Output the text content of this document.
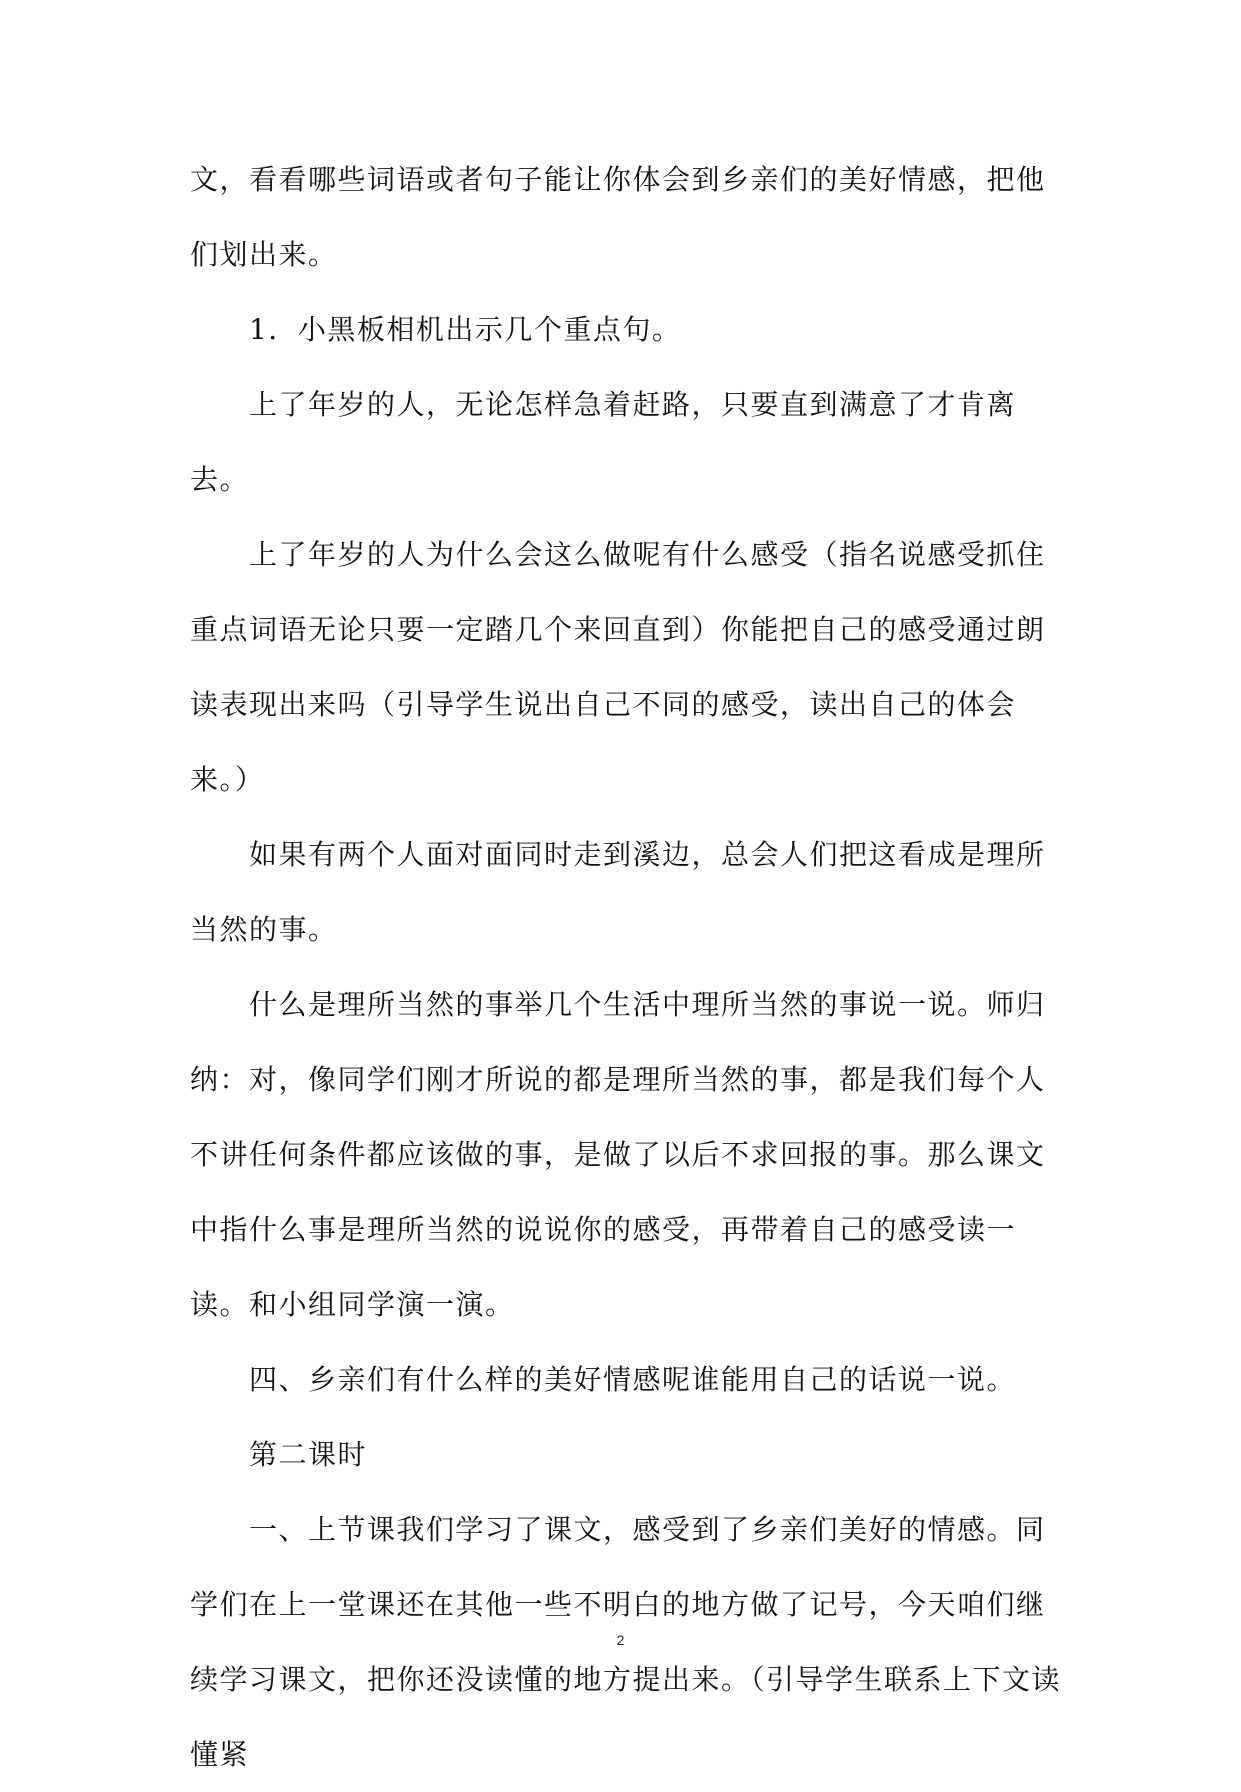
文，看看哪些词语或者句子能让你体会到乡亲们的美好情感，把他们划出来。

1．小黑板相机出示几个重点句。

上了年岁的人，无论怎样急着赶路，只要直到满意了才肯离去。

上了年岁的人为什么会这么做呢有什么感受（指名说感受抓住重点词语无论只要一定踏几个来回直到）你能把自己的感受通过朗读表现出来吗（引导学生说出自己不同的感受，读出自己的体会来。）

如果有两个人面对面同时走到溪边，总会人们把这看成是理所当然的事。

什么是理所当然的事举几个生活中理所当然的事说一说。师归纳：对，像同学们刚才所说的都是理所当然的事，都是我们每个人不讲任何条件都应该做的事，是做了以后不求回报的事。那么课文中指什么事是理所当然的说说你的感受，再带着自己的感受读一读。和小组同学演一演。

四、乡亲们有什么样的美好情感呢谁能用自己的话说一说。

第二课时

一、上节课我们学习了课文，感受到了乡亲们美好的情感。同学们在上一堂课还在其他一些不明白的地方做了记号，今天咱们继续学习课文，把你还没读懂的地方提出来。（引导学生联系上下文读懂紧

2
